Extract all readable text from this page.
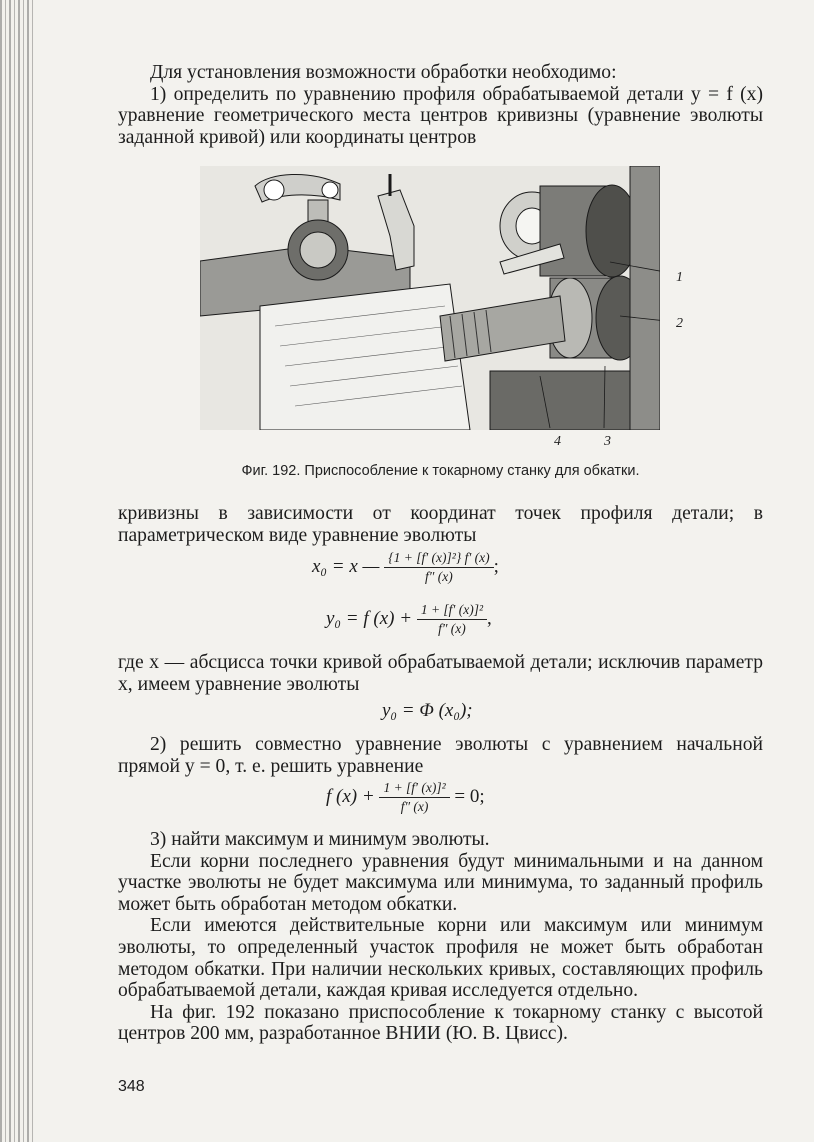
Для установления возможности обработки необходимо:

1) определить по уравнению профиля обрабатываемой детали y = f (x) уравнение геометрического места центров кривизны (уравнение эволюты заданной кривой) или координаты центров

1
2
4	3
Фиг. 192. Приспособление к токарному станку для обкатки.

кривизны в зависимости от координат точек профиля детали; в параметрическом виде уравнение эволюты

x₀ = x — $\frac{\text{\{1 + [f′ (x)]²\} f′ (x)}}{f'' (x)}$ ;
y₀ = f $(x) + \frac{\text{1 + [f′ (x)]²}}{f'' (x)}$ ,

где x — абсцисса точки кривой обрабатываемой детали; исключив параметр x, имеем уравнение эволюты

y₀ = Φ (x₀);

2) решить совместно уравнение эволюты с уравнением начальной прямой y = 0, т. е. решить уравнение

f $(x) + \frac{\text{1 + [f′ (x)]²}}{f'' (x)} = 0$;

3) найти максимум и минимум эволюты.

Если корни последнего уравнения будут минимальными и на данном участке эволюты не будет максимума или минимума, то заданный профиль может быть обработан методом обкатки.

Если имеются действительные корни или максимум или минимум эволюты, то определенный участок профиля не может быть обработан методом обкатки. При наличии нескольких кривых, составляющих профиль обрабатываемой детали, каждая кривая исследуется отдельно.

На фиг. 192 показано приспособление к токарному станку с высотой центров 200 мм, разработанное ВНИИ (Ю. В. Цвисс).

348
